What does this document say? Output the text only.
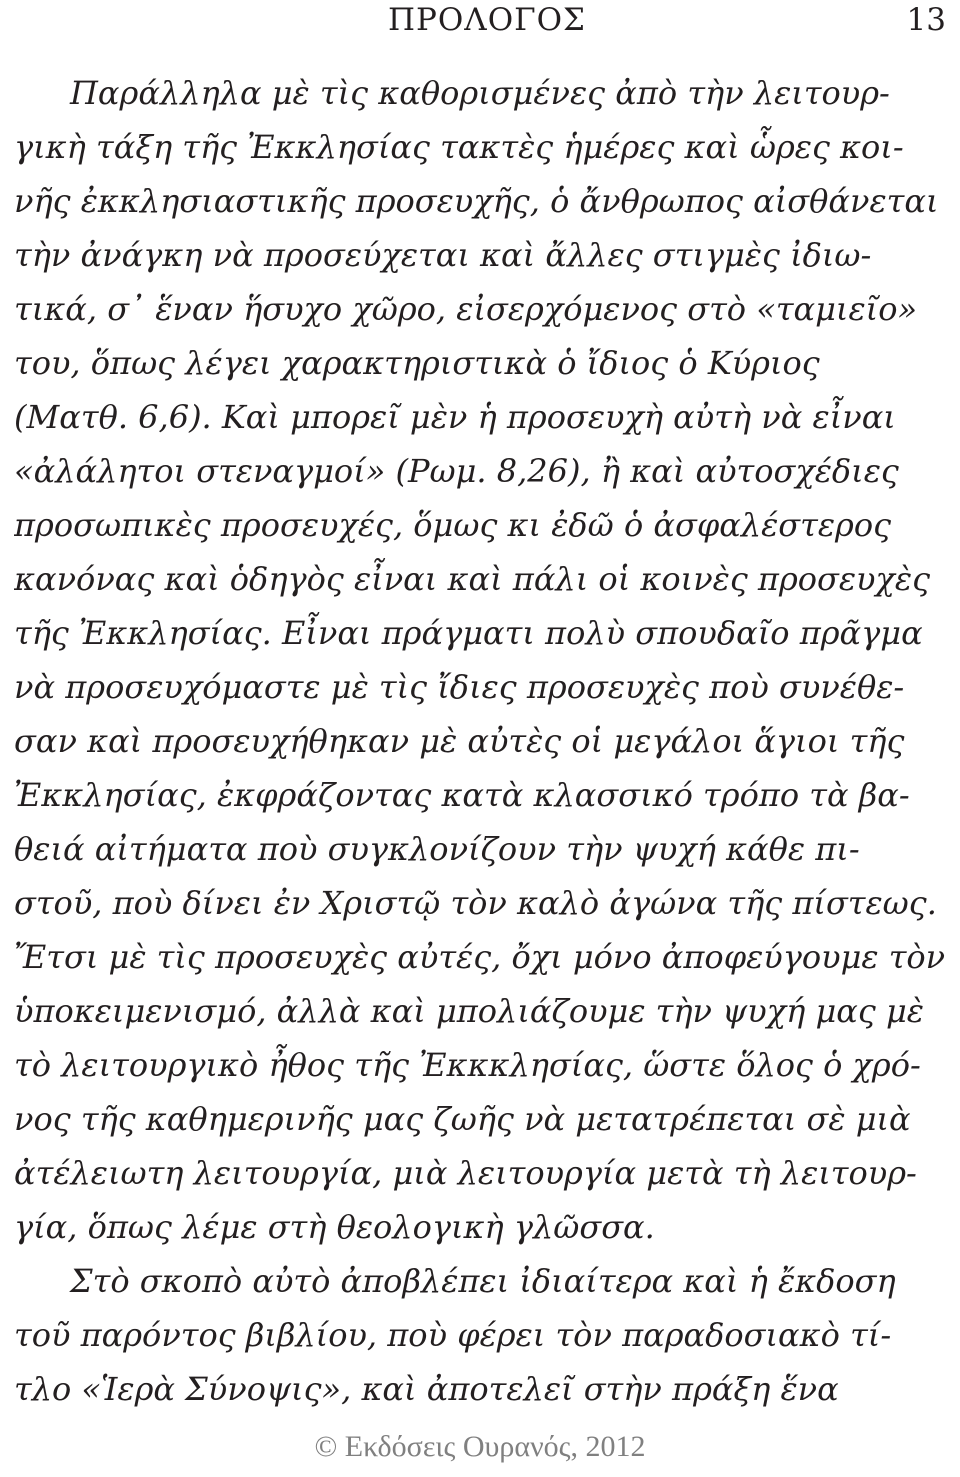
ΠΡΟΛΟΓΟΣ	13
Παράλληλα μὲ τὶς καθορισμένες ἀπὸ τὴν λειτουρ-
γικὴ τάξη τῆς Ἐκκλησίας τακτὲς ἡμέρες καὶ ὧρες κοι-
νῆς ἐκκλησιαστικῆς προσευχῆς, ὁ ἄνθρωπος αἰσθάνεται
τὴν ἀνάγκη νὰ προσεύχεται καὶ ἄλλες στιγμὲς ἰδιω-
τικά, σ᾽ ἕναν ἥσυχο χῶρο, εἰσερχόμενος στὸ «ταμιεῖο»
του, ὅπως λέγει χαρακτηριστικὰ ὁ ἴδιος ὁ Κύριος
(Ματθ. 6,6). Καὶ μπορεῖ μὲν ἡ προσευχὴ αὐτὴ νὰ εἶναι
«ἀλάλητοι στεναγμοί» (Ρωμ. 8,26), ἢ καὶ αὐτοσχέδιες
προσωπικὲς προσευχές, ὅμως κι ἐδῶ ὁ ἀσφαλέστερος
κανόνας καὶ ὁδηγὸς εἶναι καὶ πάλι οἱ κοινὲς προσευχὲς
τῆς Ἐκκλησίας. Εἶναι πράγματι πολὺ σπουδαῖο πρᾶγμα
νὰ προσευχόμαστε μὲ τὶς ἴδιες προσευχὲς ποὺ συνέθε-
σαν καὶ προσευχήθηκαν μὲ αὐτὲς οἱ μεγάλοι ἅγιοι τῆς
Ἐκκλησίας, ἐκφράζοντας κατὰ κλασσικό τρόπο τὰ βα-
θειά αἰτήματα ποὺ συγκλονίζουν τὴν ψυχή κάθε πι-
στοῦ, ποὺ δίνει ἐν Χριστῷ τὸν καλὸ ἀγώνα τῆς πίστεως.
Ἔτσι μὲ τὶς προσευχὲς αὐτές, ὄχι μόνο ἀποφεύγουμε τὸν
ὑποκειμενισμό, ἀλλὰ καὶ μπολιάζουμε τὴν ψυχή μας μὲ
τὸ λειτουργικὸ ἦθος τῆς Ἐκκκλησίας, ὥστε ὅλος ὁ χρό-
νος τῆς καθημερινῆς μας ζωῆς νὰ μετατρέπεται σὲ μιὰ
ἀτέλειωτη λειτουργία, μιὰ λειτουργία μετὰ τὴ λειτουρ-
γία, ὅπως λέμε στὴ θεολογικὴ γλῶσσα.
Στὸ σκοπὸ αὐτὸ ἀποβλέπει ἰδιαίτερα καὶ ἡ ἔκδοση
τοῦ παρόντος βιβλίου, ποὺ φέρει τὸν παραδοσιακὸ τί-
τλο «Ἱερὰ Σύνοψις», καὶ ἀποτελεῖ στὴν πράξη ἕνα
© Εκδόσεις Ουρανός, 2012
